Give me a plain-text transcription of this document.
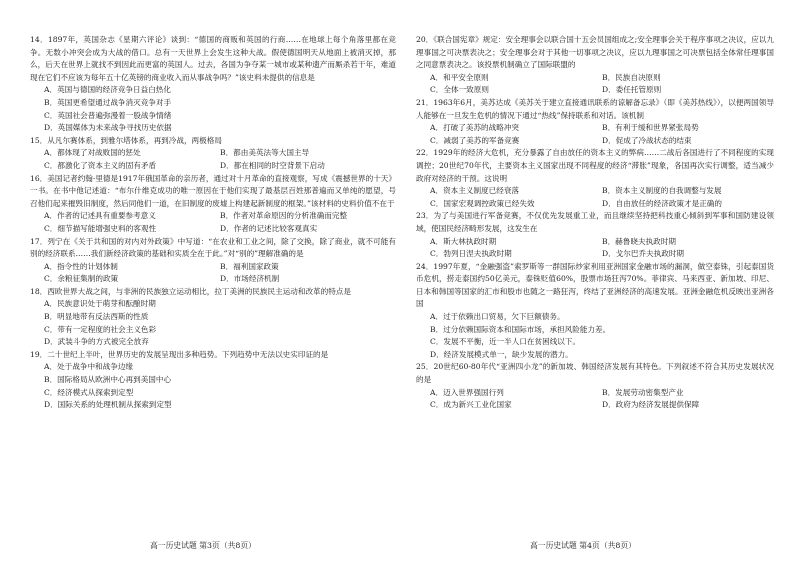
14．1897年，英国杂志《星期六评论》谈到：“德国的商贩和英国的行商……在地球上每个角落里都在竞争。无数小冲突会成为大战的借口。总有一天世界上会发生这种大战。假使德国明天从地面上被消灭掉，那么，后天在世界上就找不到因此而更富的英国人。过去，各国为争夺某一城市或某种遗产而厮杀若干年，难道现在它们不应该为每年五十亿英镑的商业收入而从事战争吗？”该史料未提供的信息是

A．英国与德国的经济竞争日益白热化

B．英国更希望通过战争消灭竞争对手

C．英国社会普遍弥漫着一股战争情绪

D．英国媒体为未来战争寻找历史依据

15．从凡尔赛体系，到雅尔塔体系，再到冷战，两极格局

A．都体现了对战败国的惩处	B．都由美英法等大国主导
C．都激化了资本主义的固有矛盾	D．都在相同的时空背景下启动

16．美国记者约翰·里德是1917年俄国革命的亲历者，通过对十月革命的直接观察，写成《震撼世界的十天》一书。在书中他记述道：“布尔什维克成功的唯一原因在于他们实现了最基层百姓那普遍而又单纯的愿望，号召他们起来摧毁旧制度，然后同他们一道，在旧制度的废墟上构建起新制度的框架。”该材料的史料价值不在于

A．作者的记述具有重要参考意义	B．作者对革命原因的分析准确而完整
C．细节描写能增强史料的客观性	D．作者的记述比较客观真实

17．列宁在《关于共和国的对内对外政策》中写道：“在农业和工业之间，除了交换，除了商业，就不可能有别的经济联系……我们新经济政策的基础和实质全在于此。”对“别的”理解准确的是

A．指令性的计划体制	B．福利国家政策
C．余粮征集制的政策	D．市场经济机制

18．西欧世界大战之间，与非洲的民族独立运动相比，拉丁美洲的民族民主运动和改革的特点是

A．民族意识处于萌芽和酝酿时期

B．明显地带有反法西斯的性质

C．带有一定程度的社会主义色彩

D．武装斗争的方式被完全放弃

19．二十世纪上半叶，世界历史的发展呈现出多种趋势。下列趋势中无法以史实印证的是

A．处于战争中和战争边缘

B．国际格局从欧洲中心再到美国中心

C．经济模式从探索到定型

D．国际关系的处理机制从探索到定型

20．《联合国宪章》规定：安全理事会以联合国十五会员国组成之;安全理事会关于程序事项之决议，应以九理事国之可决票表决之；安全理事会对于其他一切事项之决议，应以九理事国之可决票包括全体常任理事国之同意票表决之。该投票机制确立了国际联盟的

A．和平安全原则	B．民族自决原则
C．全体一致原则	D．委任托管原则

21．1963年6月，美苏达成《美苏关于建立直接通讯联系的谅解备忘录》（即《美苏热线》），以便两国领导人能够在一旦发生危机的情况下通过“热线”保持联系和对话。该机制

A．打破了美苏的战略冲突	B．有利于缓和世界紧张局势
C．减弱了美苏的军备竞赛	D．促成了冷战状态的结束

22．1929年的经济大危机，充分暴露了自由放任的资本主义的弊病……二战后各国进行了不同程度的实现调控；20世纪70年代，主要资本主义国家出现不同程度的经济“滞胀”现象，各国再次实行调整，适当减少政府对经济的干预。这说明

A．资本主义制度已经衰落	B．资本主义制度的自我调整与发展
C．国家宏观调控政策已经失效	D．自由放任的经济政策才是正确的

23．为了与美国进行军备竞赛，不仅优先发展重工业，而且继续坚持把科技重心倾斜到军事和国防建设领域，使国民经济畸形发展，这发生在

A．斯大林执政时期	B．赫鲁晓夫执政时期
C．勃列日涅夫执政时期	D．戈尔巴乔夫执政时期

24．1997年夏，“金融强盗”索罗斯等一群国际炒家利用亚洲国家金融市场的漏洞，做空泰铢，引起泰国货币危机，捞走泰国约50亿美元，泰铢贬值60%，股票市场狂泻70%。菲律宾、马来西亚、新加坡、印尼、日本和韩国等国家的汇市和股市也随之一路狂泻，终结了亚洲经济的高速发展。亚洲金融危机反映出亚洲各国

A．过于依赖出口贸易，欠下巨额债务。

B．过分依赖国际资本和国际市场，承担风险能力差。

C．发展不平衡，近一半人口在贫困线以下。

D．经济发展模式单一，缺少发展的潜力。

25．20世纪60-80年代“亚洲四小龙”的新加坡、韩国经济发展有其特色。下列叙述不符合其历史发展状况的是

A．迈入世界强国行列	B．发展劳动密集型产业
C．成为新兴工业化国家	D．政府为经济发展提供保障
高一历史试题 第3页（共8页）	高一历史试题 第4页（共8页）
